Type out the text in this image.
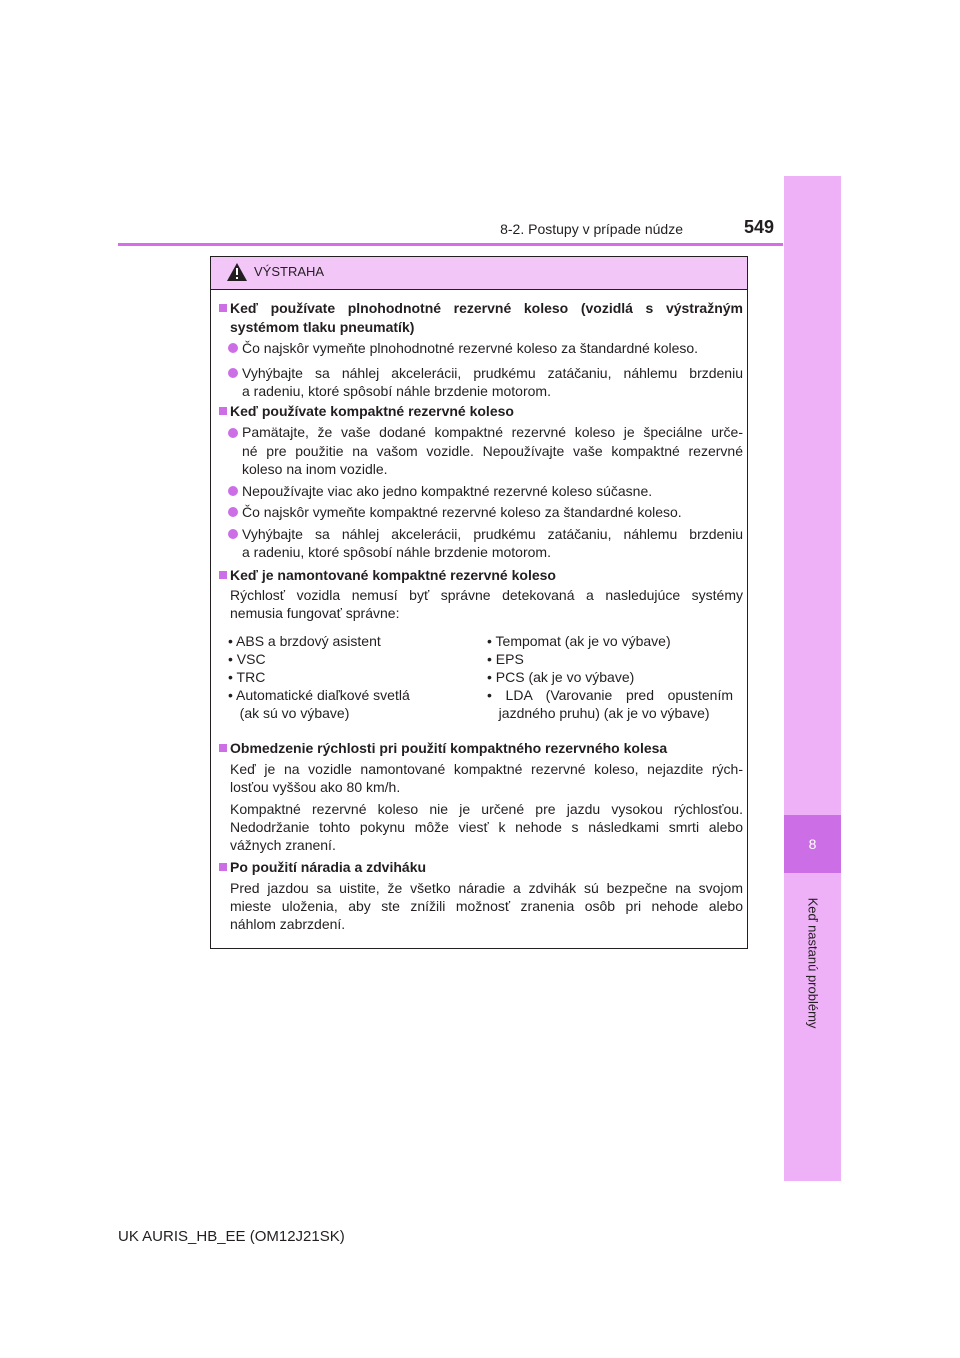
8-2. Postupy v prípade núdze	549
8
Keď nastanú problémy
VÝSTRAHA
Keď používate plnohodnotné rezervné koleso (vozidlá s výstražným
systémom tlaku pneumatík)
Čo najskôr vymeňte plnohodnotné rezervné koleso za štandardné koleso.
Vyhýbajte sa náhlej akcelerácii, prudkému zatáčaniu, náhlemu brzdeniu
a radeniu, ktoré spôsobí náhle brzdenie motorom.
Keď používate kompaktné rezervné koleso
Pamätajte, že vaše dodané kompaktné rezervné koleso je špeciálne urče-
né pre použitie na vašom vozidle. Nepoužívajte vaše kompaktné rezervné
koleso na inom vozidle.
Nepoužívajte viac ako jedno kompaktné rezervné koleso súčasne.
Čo najskôr vymeňte kompaktné rezervné koleso za štandardné koleso.
Vyhýbajte sa náhlej akcelerácii, prudkému zatáčaniu, náhlemu brzdeniu
a radeniu, ktoré spôsobí náhle brzdenie motorom.
Keď je namontované kompaktné rezervné koleso
Rýchlosť vozidla nemusí byť správne detekovaná a nasledujúce systémy
nemusia fungovať správne:
• ABS a brzdový asistent
• VSC
• TRC
• Automatické diaľkové svetlá
(ak sú vo výbave)
• Tempomat (ak je vo výbave)
• EPS
• PCS (ak je vo výbave)
• LDA (Varovanie pred opustením
jazdného pruhu) (ak je vo výbave)
Obmedzenie rýchlosti pri použití kompaktného rezervného kolesa
Keď je na vozidle namontované kompaktné rezervné koleso, nejazdite rých-
losťou vyššou ako 80 km/h.
Kompaktné rezervné koleso nie je určené pre jazdu vysokou rýchlosťou.
Nedodržanie tohto pokynu môže viesť k nehode s následkami smrti alebo
vážnych zranení.
Po použití náradia a zdviháku
Pred jazdou sa uistite, že všetko náradie a zdvihák sú bezpečne na svojom
mieste uloženia, aby ste znížili možnosť zranenia osôb pri nehode alebo
náhlom zabrzdení.
UK AURIS_HB_EE (OM12J21SK)
